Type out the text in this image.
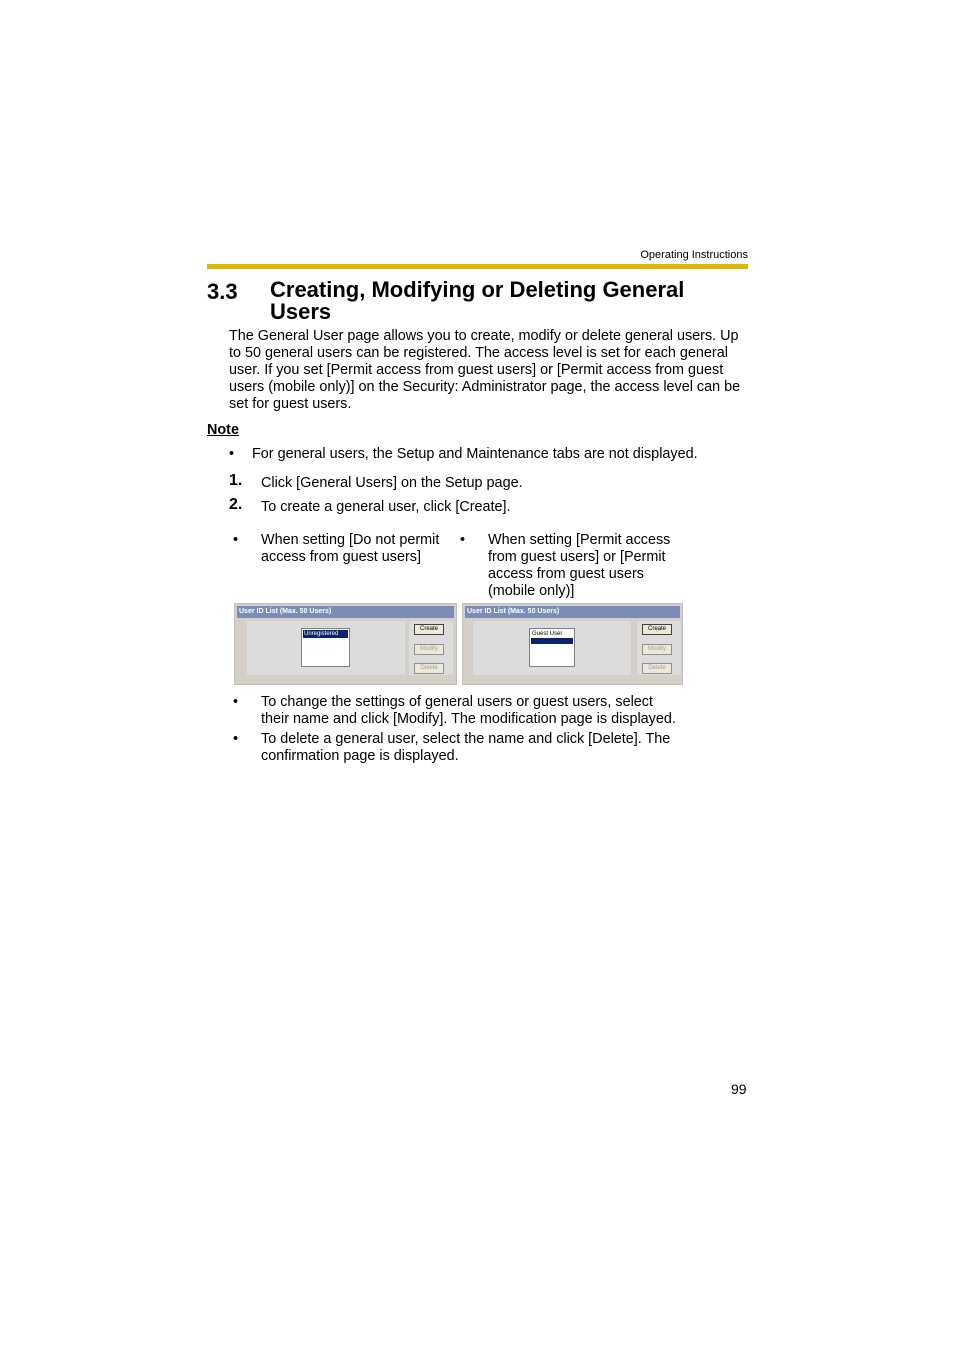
Operating Instructions
3.3 Creating, Modifying or Deleting General Users
The General User page allows you to create, modify or delete general users. Up to 50 general users can be registered. The access level is set for each general user. If you set [Permit access from guest users] or [Permit access from guest users (mobile only)] on the Security: Administrator page, the access level can be set for guest users.
Note
• For general users, the Setup and Maintenance tabs are not displayed.
1. Click [General Users] on the Setup page.
2. To create a general user, click [Create].
• When setting [Do not permit access from guest users]
• When setting [Permit access from guest users] or [Permit access from guest users (mobile only)]
User ID List (Max. 50 Users)
Unregistered
Create
Modify
Delete
User ID List (Max. 50 Users)
Guest User
Create
Modify
Delete
• To change the settings of general users or guest users, select their name and click [Modify]. The modification page is displayed.
• To delete a general user, select the name and click [Delete]. The confirmation page is displayed.
99
